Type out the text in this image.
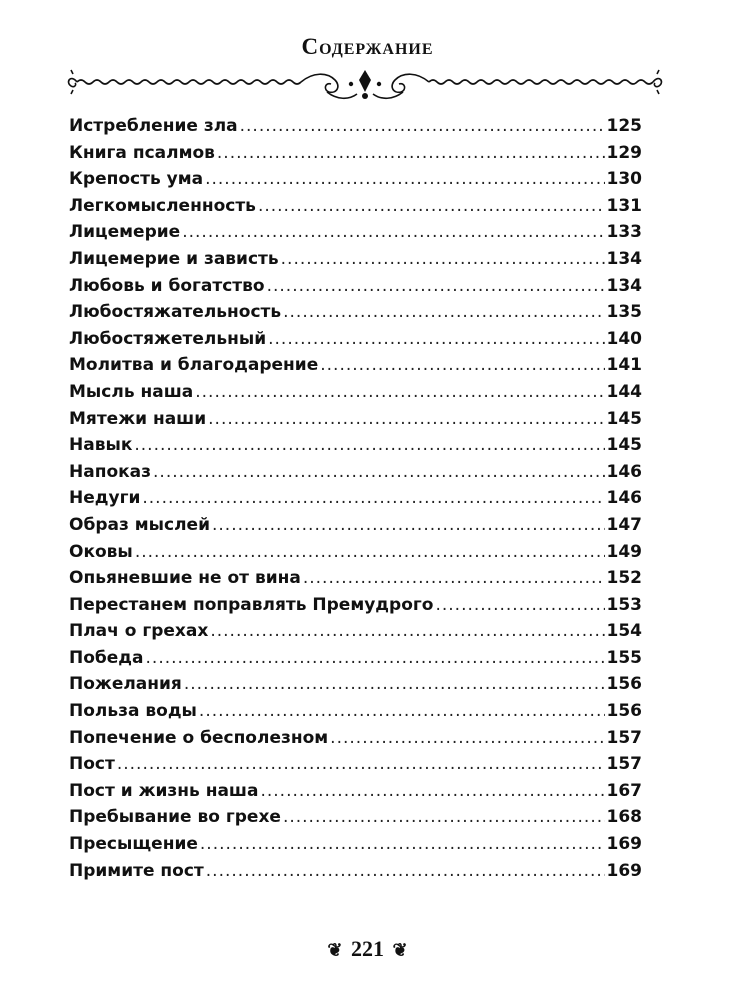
Содержание
Истребление зла .....	125
Книга псалмов .....	129
Крепость ума .....	130
Легкомысленность .....	131
Лицемерие .....	133
Лицемерие и зависть .....	134
Любовь и богатство .....	134
Любостяжательность .....	135
Любостяжетельный .....	140
Молитва и благодарение .....	141
Мысль наша .....	144
Мятежи наши .....	145
Навык .....	145
Напоказ .....	146
Недуги .....	146
Образ мыслей .....	147
Оковы .....	149
Опьяневшие не от вина .....	152
Перестанем поправлять Премудрого .....	153
Плач о грехах .....	154
Победа .....	155
Пожелания .....	156
Польза воды .....	156
Попечение о бесполезном .....	157
Пост .....	157
Пост и жизнь наша .....	167
Пребывание во грехе .....	168
Пресыщение .....	169
Примите пост .....	169
❦ 221 ❦
